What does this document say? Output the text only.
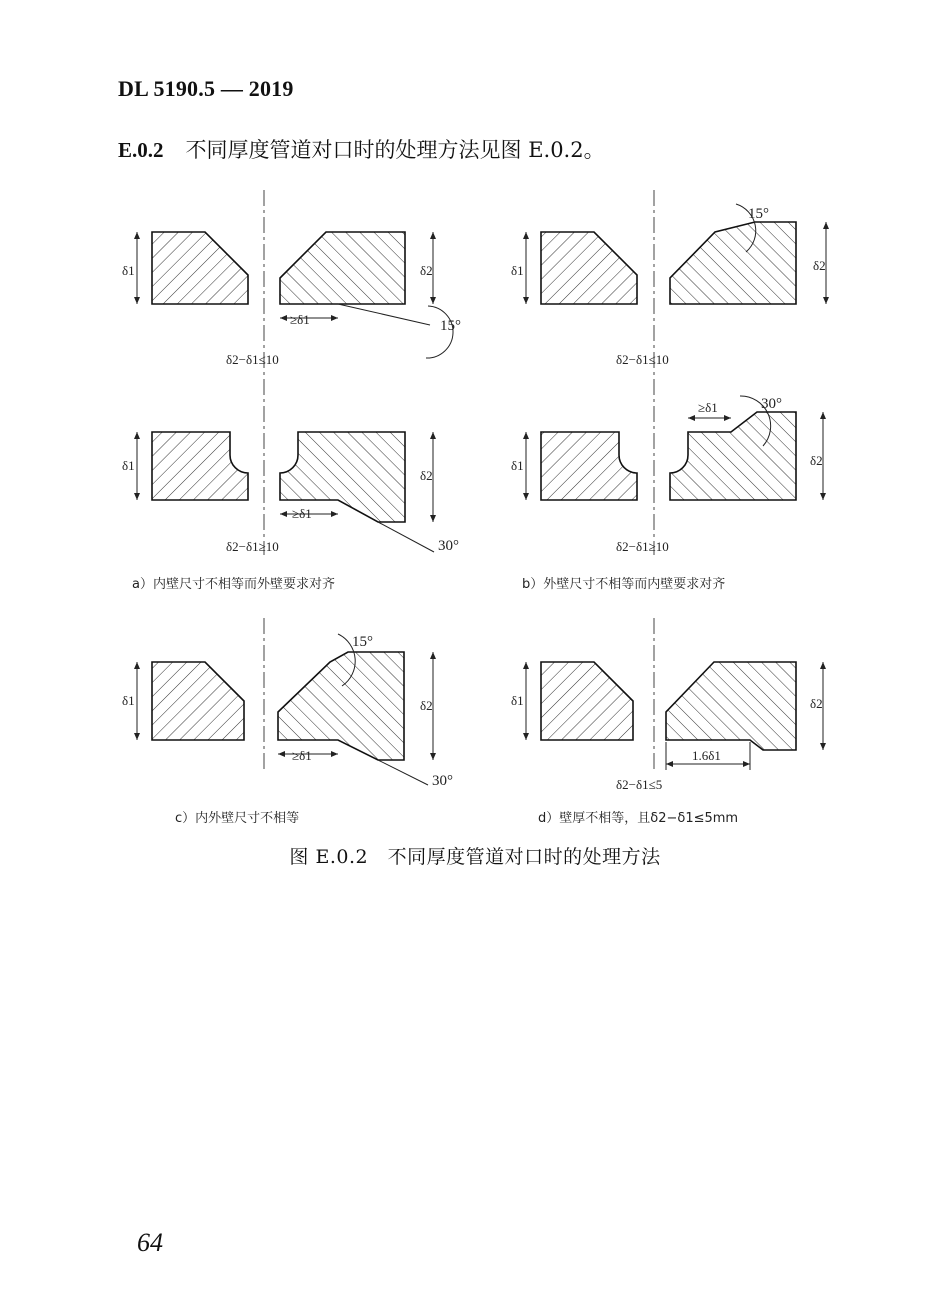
DL 5190.5 — 2019
E.0.2 不同厚度管道对口时的处理方法见图 E.0.2。
δ1	δ2
≥δ1	15°
δ2−δ1≤10
δ1	δ2
15°
δ2−δ1≤10
δ1
δ2
≥δ1
30°
δ2−δ1≥10
δ1	δ2
≥δ1	30°
δ2−δ1≥10
a）内壁尺寸不相等而外壁要求对齐	b）外壁尺寸不相等而内壁要求对齐
δ1	δ2
≥δ1
15°
30°
δ1	δ2
1.6δ1
δ2−δ1≤5
c）内外壁尺寸不相等	d）壁厚不相等，且δ2−δ1≤5mm
图 E.0.2　不同厚度管道对口时的处理方法
64
